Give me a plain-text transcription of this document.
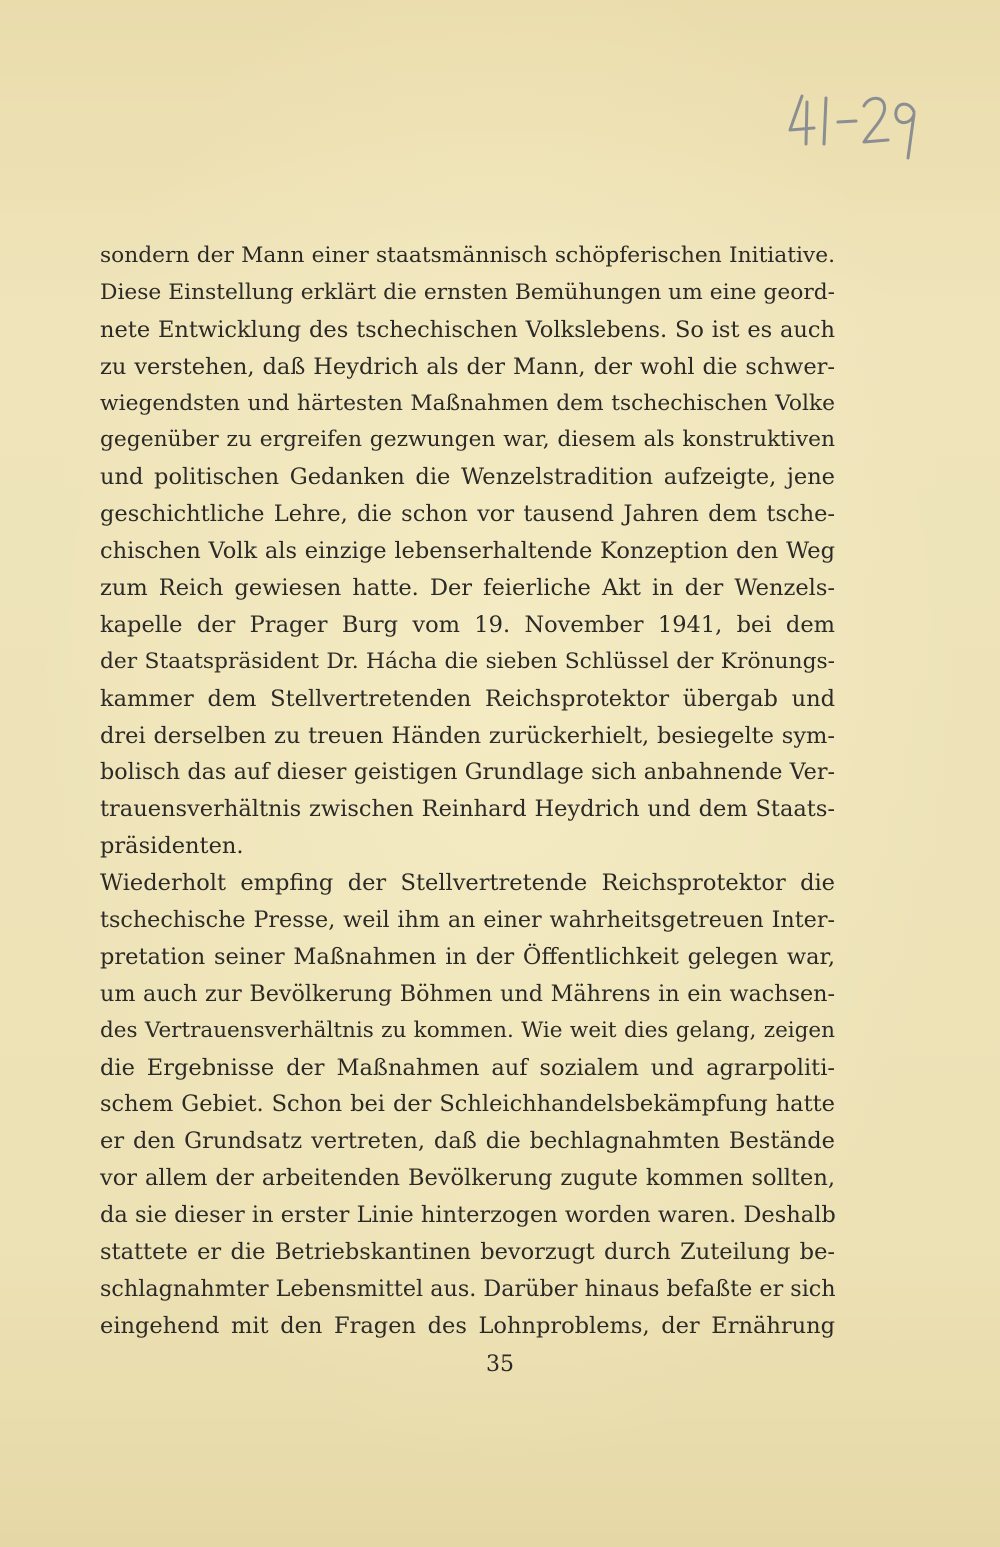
sondern der Mann einer staatsmännisch schöpferischen Initiative.
Diese Einstellung erklärt die ernsten Bemühungen um eine geord-
nete Entwicklung des tschechischen Volkslebens. So ist es auch
zu verstehen, daß Heydrich als der Mann, der wohl die schwer-
wiegendsten und härtesten Maßnahmen dem tschechischen Volke
gegenüber zu ergreifen gezwungen war, diesem als konstruktiven
und politischen Gedanken die Wenzelstradition aufzeigte, jene
geschichtliche Lehre, die schon vor tausend Jahren dem tsche-
chischen Volk als einzige lebenserhaltende Konzeption den Weg
zum Reich gewiesen hatte. Der feierliche Akt in der Wenzels-
kapelle der Prager Burg vom 19. November 1941, bei dem
der Staatspräsident Dr. Hácha die sieben Schlüssel der Krönungs-
kammer dem Stellvertretenden Reichsprotektor übergab und
drei derselben zu treuen Händen zurückerhielt, besiegelte sym-
bolisch das auf dieser geistigen Grundlage sich anbahnende Ver-
trauensverhältnis zwischen Reinhard Heydrich und dem Staats-
präsidenten.
Wiederholt empfing der Stellvertretende Reichsprotektor die
tschechische Presse, weil ihm an einer wahrheitsgetreuen Inter-
pretation seiner Maßnahmen in der Öffentlichkeit gelegen war,
um auch zur Bevölkerung Böhmen und Mährens in ein wachsen-
des Vertrauensverhältnis zu kommen. Wie weit dies gelang, zeigen
die Ergebnisse der Maßnahmen auf sozialem und agrarpoliti-
schem Gebiet. Schon bei der Schleichhandelsbekämpfung hatte
er den Grundsatz vertreten, daß die bechlagnahmten Bestände
vor allem der arbeitenden Bevölkerung zugute kommen sollten,
da sie dieser in erster Linie hinterzogen worden waren. Deshalb
stattete er die Betriebskantinen bevorzugt durch Zuteilung be-
schlagnahmter Lebensmittel aus. Darüber hinaus befaßte er sich
eingehend mit den Fragen des Lohnproblems, der Ernährung
35
